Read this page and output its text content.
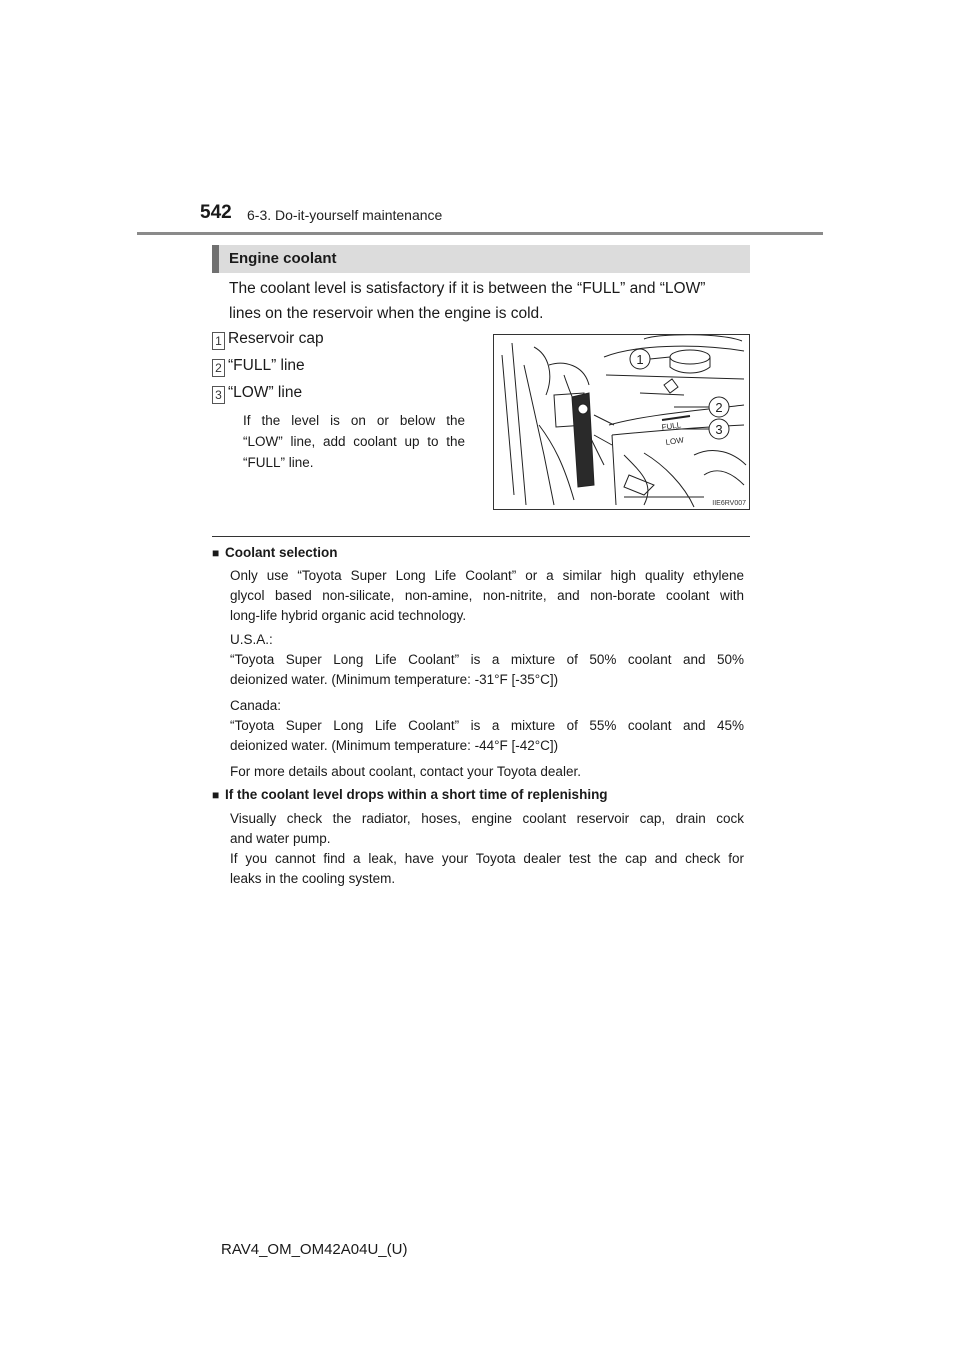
542 6-3. Do-it-yourself maintenance
Engine coolant
The coolant level is satisfactory if it is between the “FULL” and “LOW”
lines on the reservoir when the engine is cold.
1 Reservoir cap
2 “FULL” line
3 “LOW” line
If the level is on or below the
“LOW” line, add coolant up to the
“FULL” line.
FULL
LOW
1
2
3
IIE6RV007
■ Coolant selection
Only use “Toyota Super Long Life Coolant” or a similar high quality ethylene
glycol based non-silicate, non-amine, non-nitrite, and non-borate coolant with
long-life hybrid organic acid technology.
U.S.A.:
“Toyota Super Long Life Coolant” is a mixture of 50% coolant and 50%
deionized water. (Minimum temperature: -31°F [-35°C])
Canada:
“Toyota Super Long Life Coolant” is a mixture of 55% coolant and 45%
deionized water. (Minimum temperature: -44°F [-42°C])
For more details about coolant, contact your Toyota dealer.
■ If the coolant level drops within a short time of replenishing
Visually check the radiator, hoses, engine coolant reservoir cap, drain cock
and water pump.
If you cannot find a leak, have your Toyota dealer test the cap and check for
leaks in the cooling system.
RAV4_OM_OM42A04U_(U)
